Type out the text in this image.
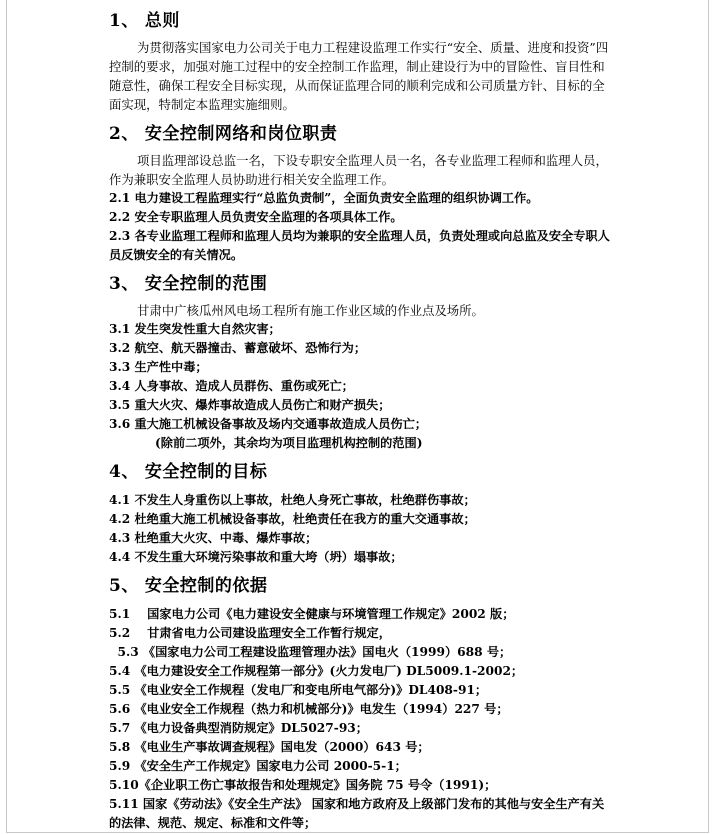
1、 总则

为贯彻落实国家电力公司关于电力工程建设监理工作实行“安全、质量、进度和投资”四控制的要求，加强对施工过程中的安全控制工作监理，制止建设行为中的冒险性、盲目性和随意性，确保工程安全目标实现，从而保证监理合同的顺利完成和公司质量方针、目标的全面实现，特制定本监理实施细则。

2、 安全控制网络和岗位职责

项目监理部设总监一名，下设专职安全监理人员一名，各专业监理工程师和监理人员，作为兼职安全监理人员协助进行相关安全监理工作。

2.1 电力建设工程监理实行“总监负责制”，全面负责安全监理的组织协调工作。
2.2 安全专职监理人员负责安全监理的各项具体工作。
2.3 各专业监理工程师和监理人员均为兼职的安全监理人员，负责处理或向总监及安全专职人员反馈安全的有关情况。
3、 安全控制的范围

甘肃中广核瓜州风电场工程所有施工作业区域的作业点及场所。

3.1 发生突发性重大自然灾害；
3.2 航空、航天器撞击、蓄意破坏、恐怖行为；
3.3 生产性中毒；
3.4 人身事故、造成人员群伤、重伤或死亡；
3.5 重大火灾、爆炸事故造成人员伤亡和财产损失；
3.6 重大施工机械设备事故及场内交通事故造成人员伤亡；
(除前二项外，其余均为项目监理机构控制的范围)
4、 安全控制的目标
4.1 不发生人身重伤以上事故，杜绝人身死亡事故，杜绝群伤事故；
4.2 杜绝重大施工机械设备事故，杜绝责任在我方的重大交通事故；
4.3 杜绝重大火灾、中毒、爆炸事故；
4.4 不发生重大环境污染事故和重大垮（坍）塌事故；
5、 安全控制的依据
5.1    国家电力公司《电力建设安全健康与环境管理工作规定》2002 版；
5.2    甘肃省电力公司建设监理安全工作暂行规定，
5.3 《国家电力公司工程建设监理管理办法》国电火（1999）688 号；
5.4 《电力建设安全工作规程第一部分》(火力发电厂) DL5009.1-2002；
5.5 《电业安全工作规程（发电厂和变电所电气部分)》DL408-91；
5.6 《电业安全工作规程（热力和机械部分)》电发生（1994）227 号；
5.7 《电力设备典型消防规定》DL5027-93；
5.8 《电业生产事故调查规程》国电发（2000）643 号；
5.9 《安全生产工作规定》国家电力公司 2000-5-1；
5.10《企业职工伤亡事故报告和处理规定》国务院 75 号令（1991)；
5.11 国家《劳动法》《安全生产法》 国家和地方政府及上级部门发布的其他与安全生产有关的法律、规范、规定、标准和文件等；
